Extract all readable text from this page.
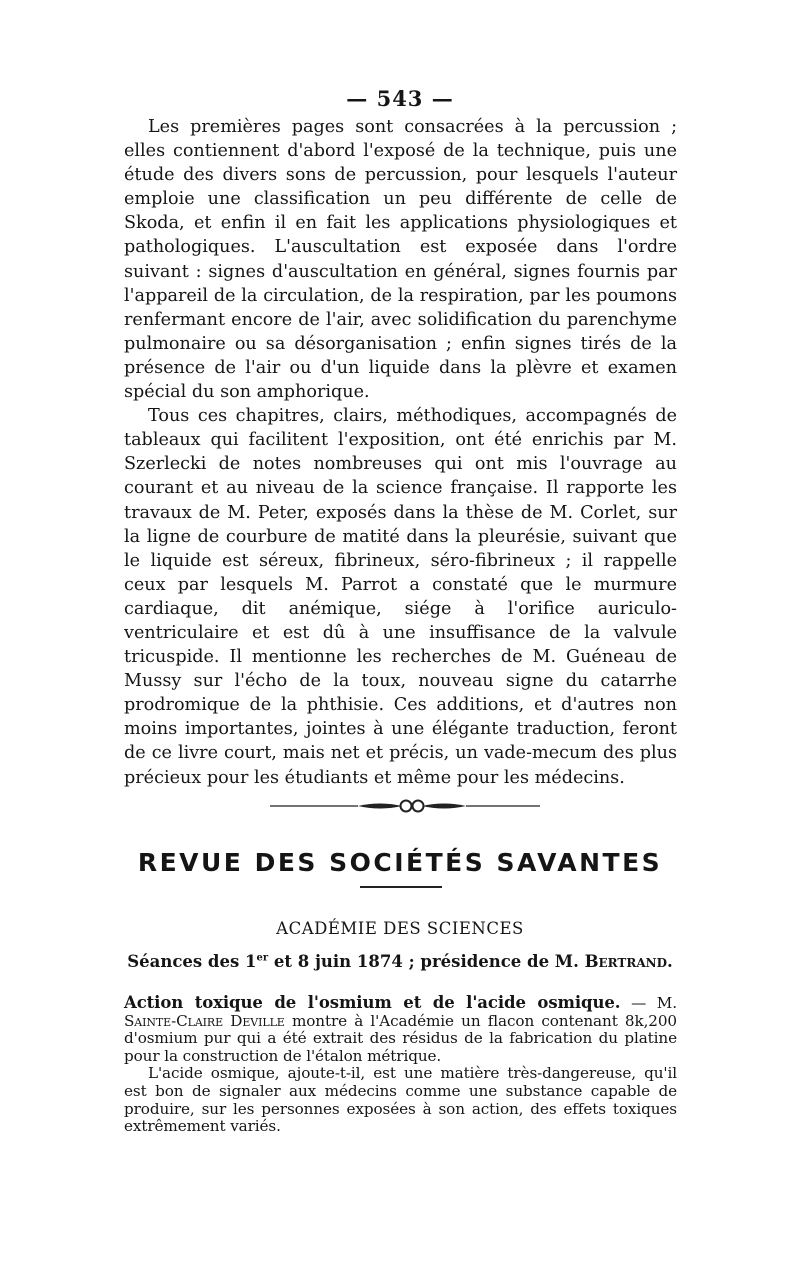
— 543 —

Les premières pages sont consacrées à la percussion ; elles contiennent d'abord l'exposé de la technique, puis une étude des divers sons de percussion, pour lesquels l'auteur emploie une classification un peu différente de celle de Skoda, et enfin il en fait les applications physiologiques et pathologiques. L'auscultation est exposée dans l'ordre suivant : signes d'auscultation en général, signes fournis par l'appareil de la circulation, de la respiration, par les poumons renfermant encore de l'air, avec solidification du parenchyme pulmonaire ou sa désorganisation ; enfin signes tirés de la présence de l'air ou d'un liquide dans la plèvre et examen spécial du son amphorique.

Tous ces chapitres, clairs, méthodiques, accompagnés de tableaux qui facilitent l'exposition, ont été enrichis par M. Szerlecki de notes nombreuses qui ont mis l'ouvrage au courant et au niveau de la science française. Il rapporte les travaux de M. Peter, exposés dans la thèse de M. Corlet, sur la ligne de courbure de matité dans la pleurésie, suivant que le liquide est séreux, fibrineux, séro-fibrineux ; il rappelle ceux par lesquels M. Parrot a constaté que le murmure cardiaque, dit anémique, siége à l'orifice auriculo-ventriculaire et est dû à une insuffisance de la valvule tricuspide. Il mentionne les recherches de M. Guéneau de Mussy sur l'écho de la toux, nouveau signe du catarrhe prodromique de la phthisie. Ces additions, et d'autres non moins importantes, jointes à une élégante traduction, feront de ce livre court, mais net et précis, un vade-mecum des plus précieux pour les étudiants et même pour les médecins.

REVUE DES SOCIÉTÉS SAVANTES
ACADÉMIE DES SCIENCES
Séances des 1er et 8 juin 1874 ; présidence de M. Bertrand.

Action toxique de l'osmium et de l'acide osmique. — M. Sainte-Claire Deville montre à l'Académie un flacon contenant 8k,200 d'osmium pur qui a été extrait des résidus de la fabrication du platine pour la construction de l'étalon métrique.

L'acide osmique, ajoute-t-il, est une matière très-dangereuse, qu'il est bon de signaler aux médecins comme une substance capable de produire, sur les personnes exposées à son action, des effets toxiques extrêmement variés.
